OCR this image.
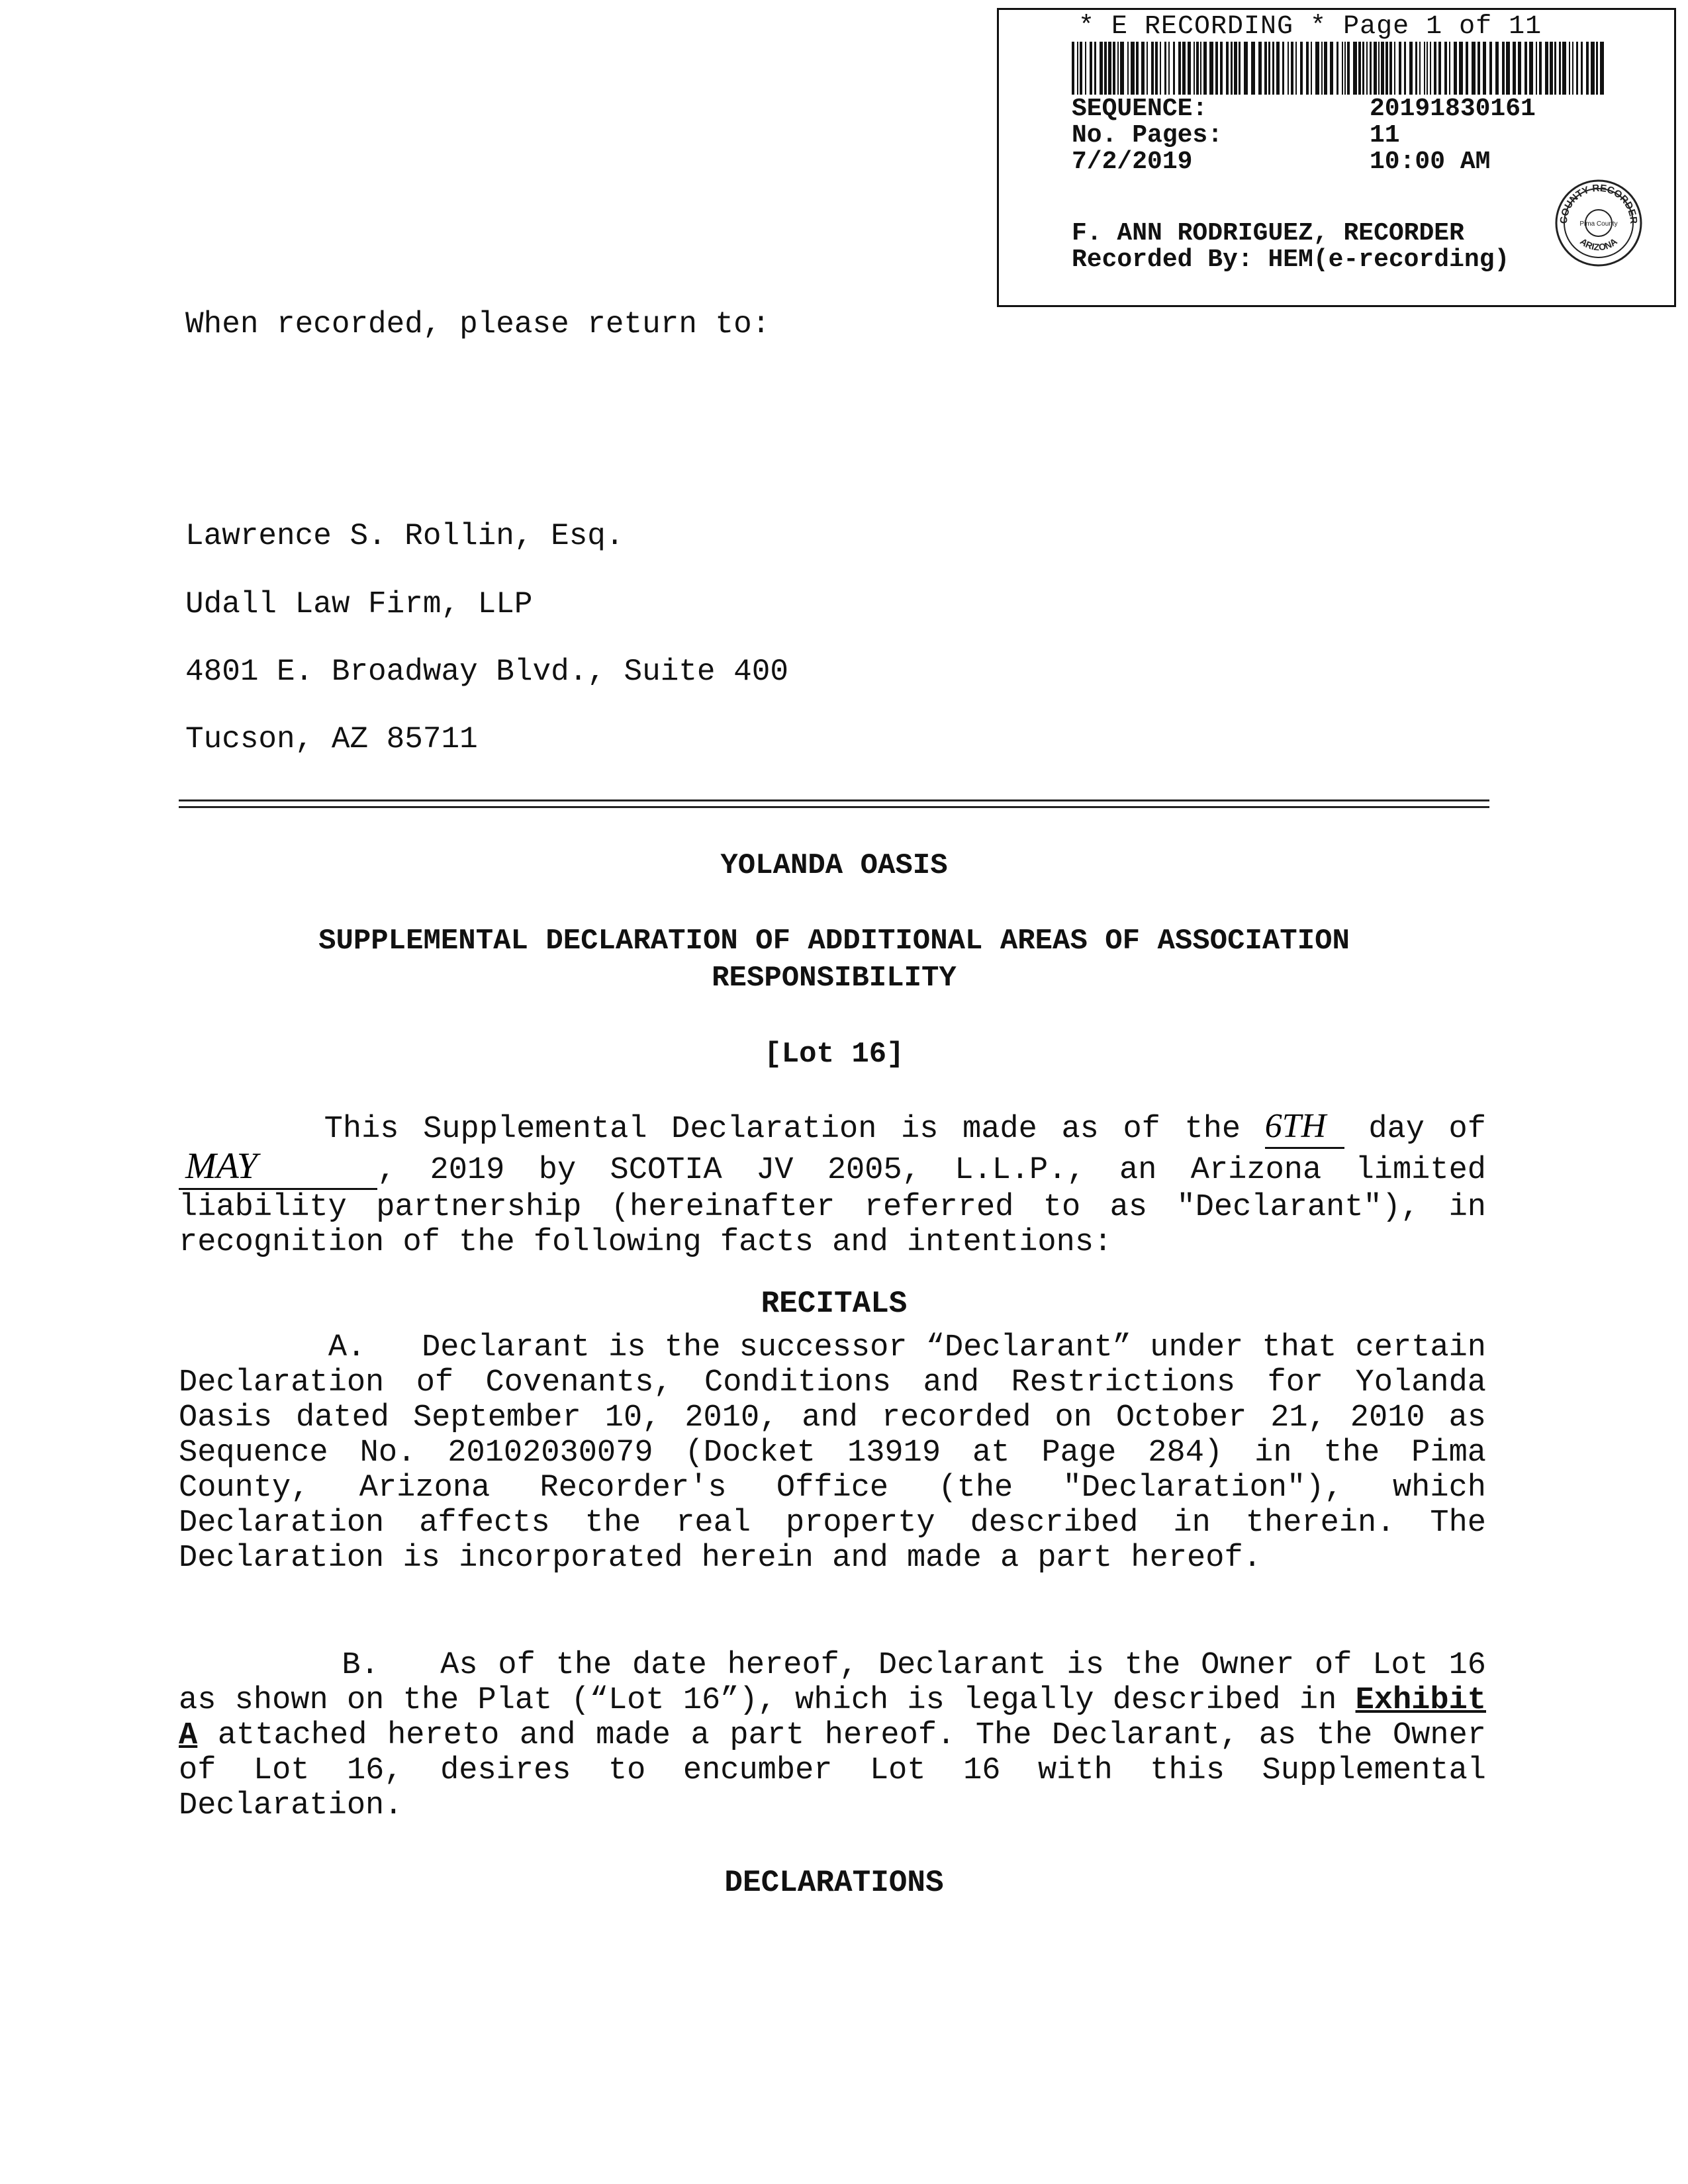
* E RECORDING * Page 1 of 11
SEQUENCE:	20191830161
No. Pages:	11
7/2/2019	10:00 AM
F. ANN RODRIGUEZ, RECORDER
Recorded By: HEM(e-recording)
COUNTY RECORDER
ARIZONA
Pima County
When recorded, please return to:
Lawrence S. Rollin, Esq.
Udall Law Firm, LLP
4801 E. Broadway Blvd., Suite 400
Tucson, AZ 85711
YOLANDA OASIS
SUPPLEMENTAL DECLARATION OF ADDITIONAL AREAS OF ASSOCIATION
RESPONSIBILITY
[Lot 16]

This Supplemental Declaration is made as of the 6TH day of MAY	, 2019 by SCOTIA JV 2005, L.L.P., an Arizona limited liability partnership (hereinafter referred to as "Declarant"), in recognition of the following facts and intentions:

RECITALS

A. Declarant is the successor “Declarant” under that certain Declaration of Covenants, Conditions and Restrictions for Yolanda Oasis dated September 10, 2010, and recorded on October 21, 2010 as Sequence No. 20102030079 (Docket 13919 at Page 284) in the Pima County, Arizona Recorder's Office (the "Declaration"), which Declaration affects the real property described in therein. The Declaration is incorporated herein and made a part hereof.

B. As of the date hereof, Declarant is the Owner of Lot 16 as shown on the Plat (“Lot 16”), which is legally described in Exhibit A attached hereto and made a part hereof. The Declarant, as the Owner of Lot 16, desires to encumber Lot 16 with this Supplemental Declaration.

DECLARATIONS
